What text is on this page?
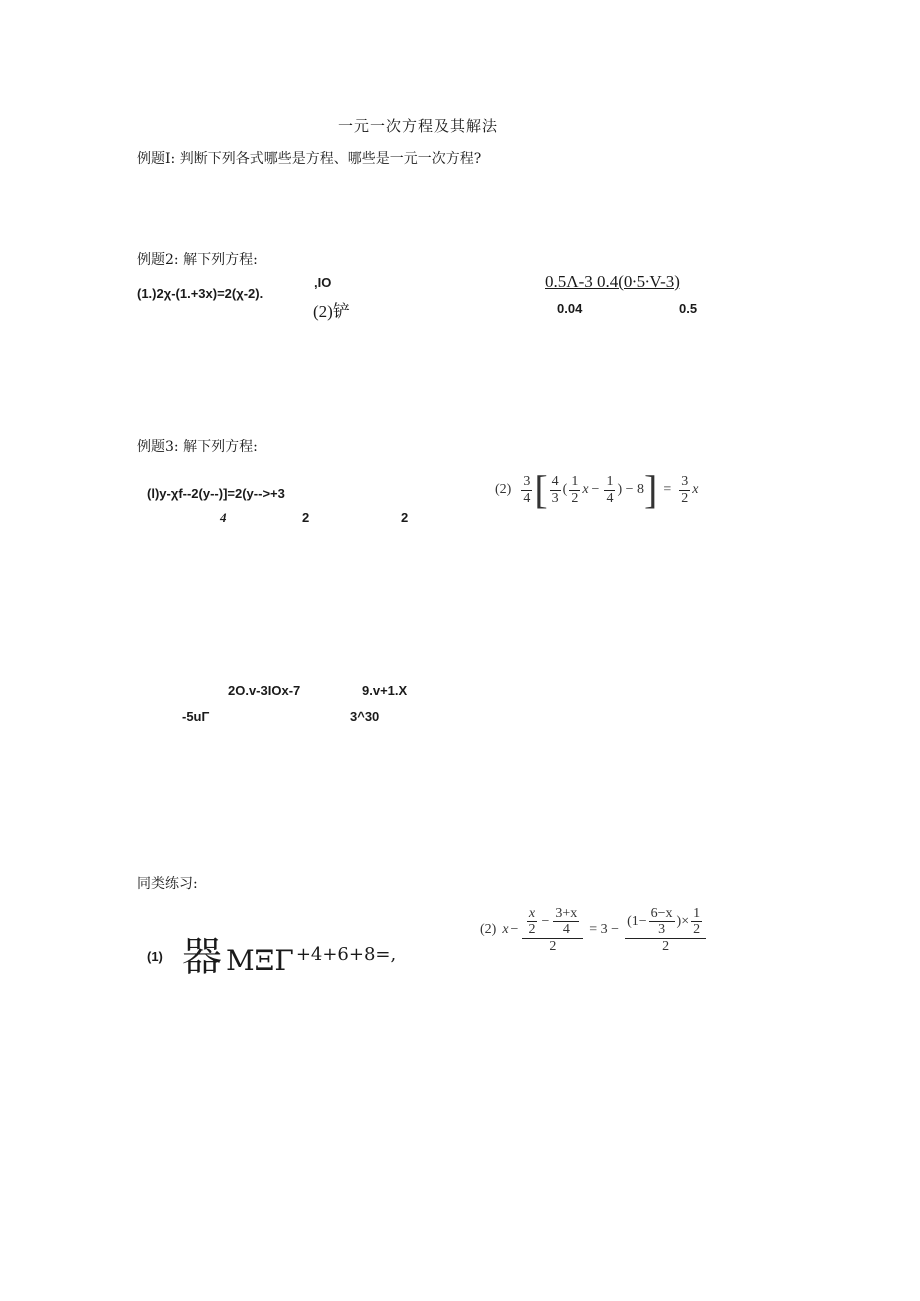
一元一次方程及其解法
例题I: 判断下列各式哪些是方程、哪些是一元一次方程?
例题2: 解下列方程:
(1.)2χ-(1.+3x)=2(χ-2).
,IO
(2)铲
0.5Λ-3 0.4(0∙5∙V-3)
0.04	0.5
例题3: 解下列方程:
(l)y-χf--2(y--)]=2(y-->+3
4	2	2
$(2) \frac{3}{4}$ [ $\frac{4}{3}$ ( $\frac{1}{2}$ $x - \frac{1}{4}$ ) − 8 ] = $\frac{3}{2}$ x
2O.v-3IOx-7	9.v+1.X
-5uΓ	3^30
同类练习:
(1) 器 MΞΓ +4+6+8=,
(2) $x - \frac{\frac{x}{2} - \frac{3+x}{4}}{2} = 3 - \frac{(1- \frac{6-x}{3} )\times \frac{1}{2}}{2}$
